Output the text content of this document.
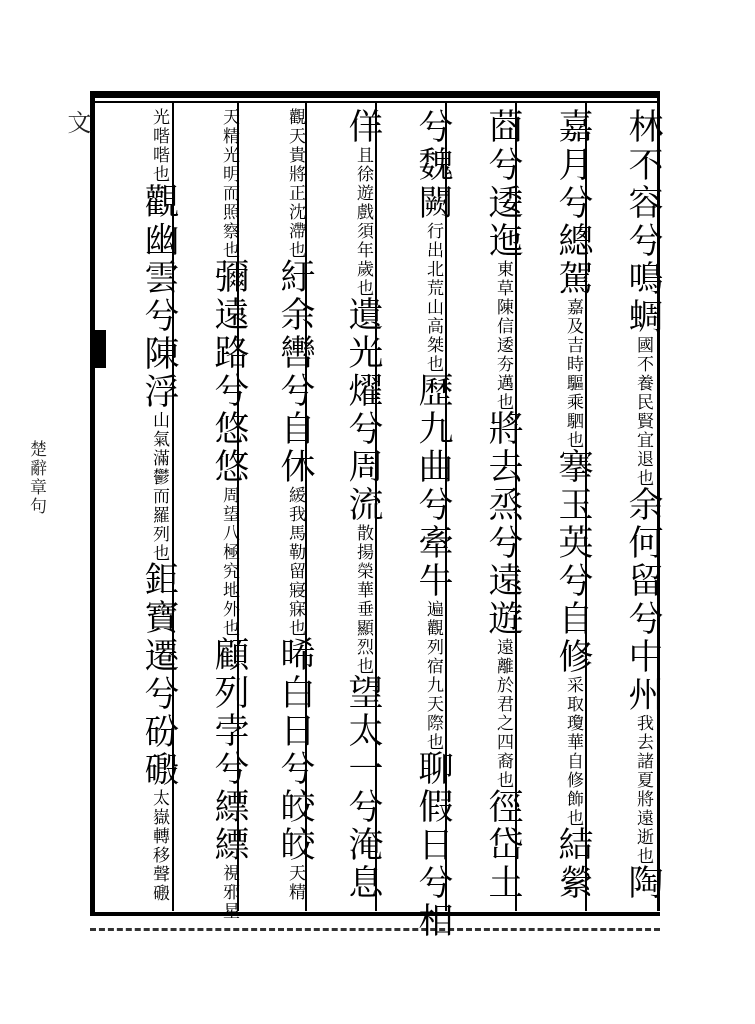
文
楚辭章句
林不容兮鳴蜩國不養民賢宜退也余何留兮中州我去諸夏將遠逝也陶
嘉月兮總駕嘉及吉時驅乘駟也搴玉英兮自修采取瓊華自修飾也結縈
莔兮逶迤東草陳信逶夯邁也將去烝兮遠遊遠離於君之四裔也徑岱土
兮魏闕行出北荒山高桀也歷九曲兮牽牛遍觀列宿九天際也聊假日兮相
佯且徐遊戲須年歲也遺光燿兮周流散揚榮華垂顯烈也望太一兮淹息
觀天貴將正沈滯也紆余轡兮自休緩我馬勒留寢寐也晞白日兮皎皎天精
天精光明而照察也彌遠路兮悠悠周望八極究地外也顧列孛兮縹縹視邪星
光喈喈也觀幽雲兮陳浮山氣滿鬱而羅列也鉅寶遷兮砏磤太嶽轉移聲磤
